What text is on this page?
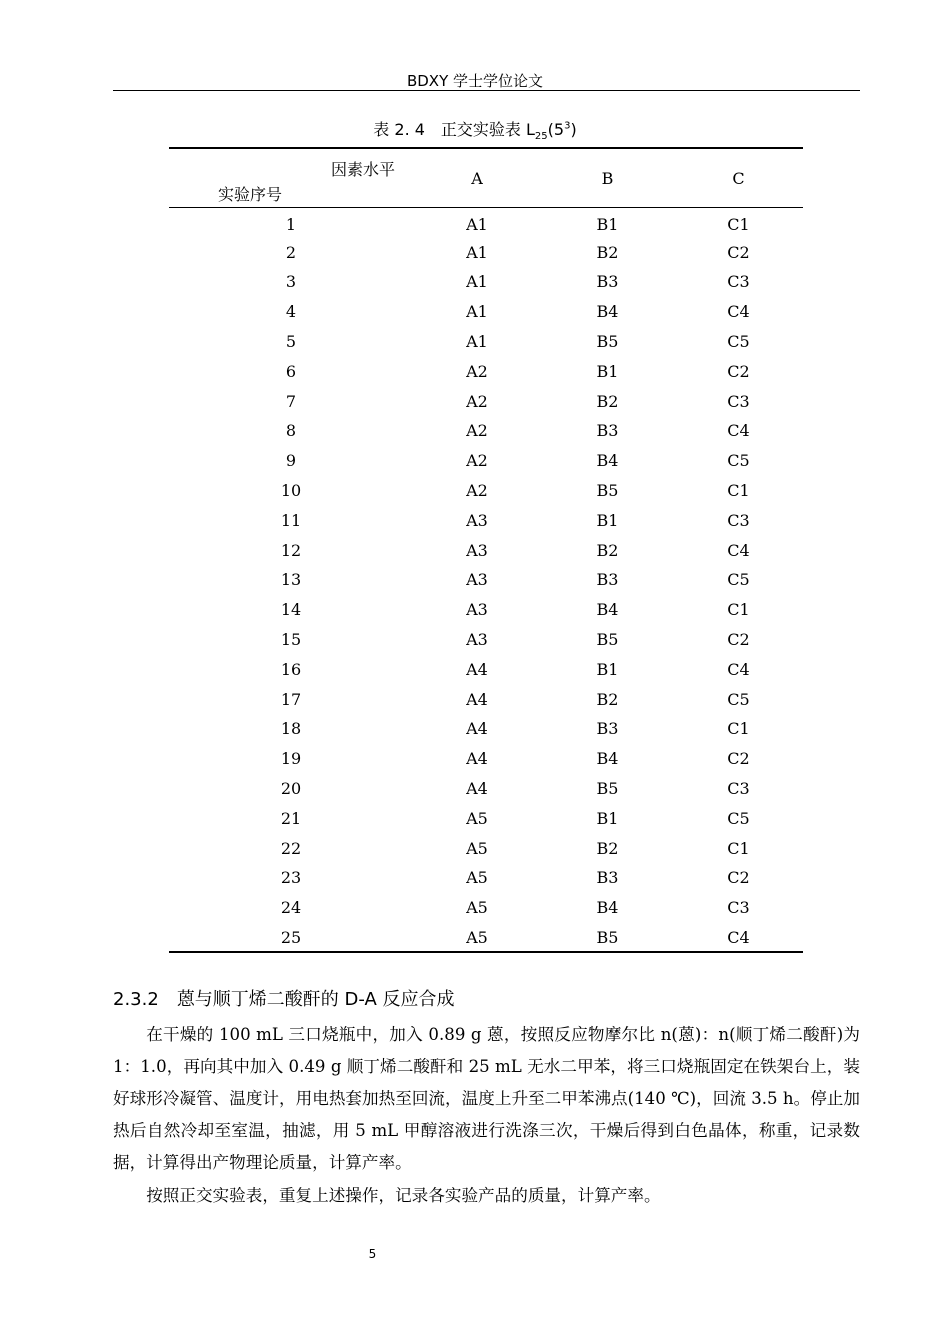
BDXY 学士学位论文
表 2. 4　正交实验表 $L_{25}(5^3)$
因素水平
实验序号	A	B	C
1	A1	B1	C1
2	A1	B2	C2
3	A1	B3	C3
4	A1	B4	C4
5	A1	B5	C5
6	A2	B1	C2
7	A2	B2	C3
8	A2	B3	C4
9	A2	B4	C5
10	A2	B5	C1
11	A3	B1	C3
12	A3	B2	C4
13	A3	B3	C5
14	A3	B4	C1
15	A3	B5	C2
16	A4	B1	C4
17	A4	B2	C5
18	A4	B3	C1
19	A4	B4	C2
20	A4	B5	C3
21	A5	B1	C5
22	A5	B2	C1
23	A5	B3	C2
24	A5	B4	C3
25	A5	B5	C4
2.3.2 蒽与顺丁烯二酸酐的 D-A 反应合成
在干燥的 100 mL 三口烧瓶中，加入 0.89 g 蒽，按照反应物摩尔比 n(蒽)：n(顺丁烯二酸酐)为 1：1.0，再向其中加入 0.49 g 顺丁烯二酸酐和 25 mL 无水二甲苯，将三口烧瓶固定在铁架台上，装好球形冷凝管、温度计，用电热套加热至回流，温度上升至二甲苯沸点(140 ℃)，回流 3.5 h。停止加热后自然冷却至室温，抽滤，用 5 mL 甲醇溶液进行洗涤三次，干燥后得到白色晶体，称重，记录数据，计算得出产物理论质量，计算产率。
按照正交实验表，重复上述操作，记录各实验产品的质量，计算产率。
5
